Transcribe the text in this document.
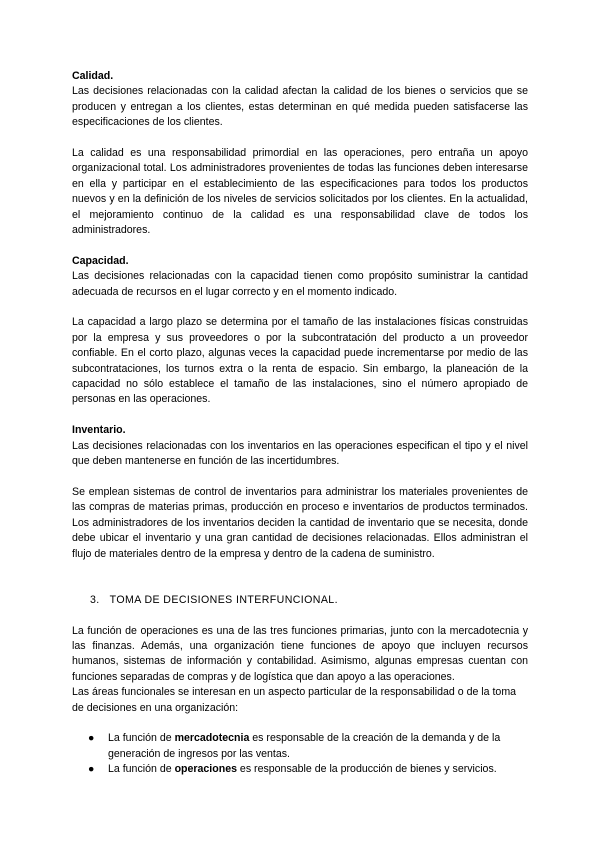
Calidad.

Las decisiones relacionadas con la calidad afectan la calidad de los bienes o servicios que se producen y entregan a los clientes, estas determinan en qué medida pueden satisfacerse las especificaciones de los clientes.

La calidad es una responsabilidad primordial en las operaciones, pero entraña un apoyo organizacional total. Los administradores provenientes de todas las funciones deben interesarse en ella y participar en el establecimiento de las especificaciones para todos los productos nuevos y en la definición de los niveles de servicios solicitados por los clientes. En la actualidad, el mejoramiento continuo de la calidad es una responsabilidad clave de todos los administradores.

Capacidad.

Las decisiones relacionadas con la capacidad tienen como propósito suministrar la cantidad adecuada de recursos en el lugar correcto y en el momento indicado.

La capacidad a largo plazo se determina por el tamaño de las instalaciones físicas construidas por la empresa y sus proveedores o por la subcontratación del producto a un proveedor confiable. En el corto plazo, algunas veces la capacidad puede incrementarse por medio de las subcontrataciones, los turnos extra o la renta de espacio. Sin embargo, la planeación de la capacidad no sólo establece el tamaño de las instalaciones, sino el número apropiado de personas en las operaciones.

Inventario.

Las decisiones relacionadas con los inventarios en las operaciones especifican el tipo y el nivel que deben mantenerse en función de las incertidumbres.

Se emplean sistemas de control de inventarios para administrar los materiales provenientes de las compras de materias primas, producción en proceso e inventarios de productos terminados. Los administradores de los inventarios deciden la cantidad de inventario que se necesita, donde debe ubicar el inventario y una gran cantidad de decisiones relacionadas. Ellos administran el flujo de materiales dentro de la empresa y dentro de la cadena de suministro.

3. TOMA DE DECISIONES INTERFUNCIONAL.

La función de operaciones es una de las tres funciones primarias, junto con la mercadotecnia y las finanzas. Además, una organización tiene funciones de apoyo que incluyen recursos humanos, sistemas de información y contabilidad. Asimismo, algunas empresas cuentan con funciones separadas de compras y de logística que dan apoyo a las operaciones.

Las áreas funcionales se interesan en un aspecto particular de la responsabilidad o de la toma de decisiones en una organización:

● La función de mercadotecnia es responsable de la creación de la demanda y de la generación de ingresos por las ventas.
● La función de operaciones es responsable de la producción de bienes y servicios.
